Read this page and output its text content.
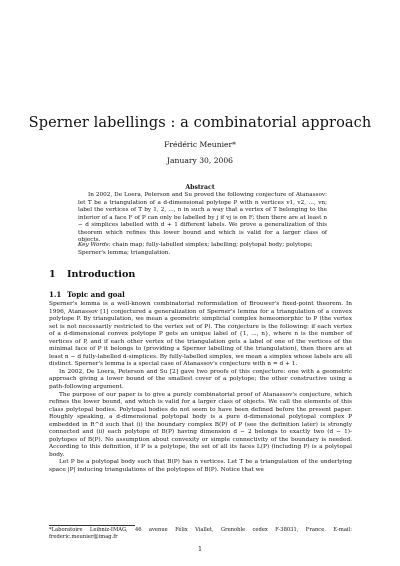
Sperner labellings : a combinatorial approach
Frédéric Meunier*
January 30, 2006
Abstract
In 2002, De Loera, Peterson and Su proved the following conjecture of Atanassov: let T be a triangulation of a d-dimensional polytope P with n vertices v1, v2, ..., vn; label the vertices of T by 1, 2, ..., n in such a way that a vertex of T belonging to the interior of a face F of P can only be labelled by j if vj is on F; then there are at least n − d simplices labelled with d + 1 different labels. We prove a generalization of this theorem which refines this lower bound and which is valid for a larger class of objects.
Key Words: chain map; fully-labelled simplex; labelling; polytopal body; polytope; Sperner's lemma; triangulation.
1 Introduction
1.1 Topic and goal

Sperner's lemma is a well-known combinatorial reformulation of Brouwer's fixed-point theorem. In 1996, Atanassov [1] conjectured a generalization of Sperner's lemma for a triangulation of a convex polytope P. By triangulation, we mean a geometric simplicial complex homeomorphic to P (the vertex set is not necessarily restricted to the vertex set of P). The conjecture is the following: if each vertex of a d-dimensional convex polytope P gets an unique label of {1, ..., n}, where n is the number of vertices of P, and if each other vertex of the triangulation gets a label of one of the vertices of the minimal face of P it belongs to (providing a Sperner labelling of the triangulation), then there are at least n − d fully-labelled d-simplices. By fully-labelled simplex, we mean a simplex whose labels are all distinct. Sperner's lemma is a special case of Atanassov's conjecture with n = d + 1.

In 2002, De Loera, Peterson and Su [2] gave two proofs of this conjecture: one with a geometric approach giving a lower bound of the smallest cover of a polytope; the other constructive using a path-following argument.

The purpose of our paper is to give a purely combinatorial proof of Atanassov's conjecture, which refines the lower bound, and which is valid for a larger class of objects. We call the elements of this class polytopal bodies. Polytopal bodies do not seem to have been defined before the present paper. Roughly speaking, a d-dimensional polytopal body is a pure d-dimensional polytopal complex P embedded in R^d such that (i) the boundary complex B(P) of P (see the definition later) is strongly connected and (ii) each polytope of B(P) having dimension d − 2 belongs to exactly two (d − 1)-polytopes of B(P). No assumption about convexity or simple connectivity of the boundary is needed. According to this definition, if P is a polytope, the set of all its faces L(P) (including P) is a polytopal body.

Let P be a polytopal body such that B(P) has n vertices. Let T be a triangulation of the underlying space |P| inducing triangulations of the polytopes of B(P). Notice that we

*Laboratoire Leibniz-IMAG, 46 avenue Félix Viallet, Grenoble cedex F-38031, France. E-mail: frederic.meunier@imag.fr
1
